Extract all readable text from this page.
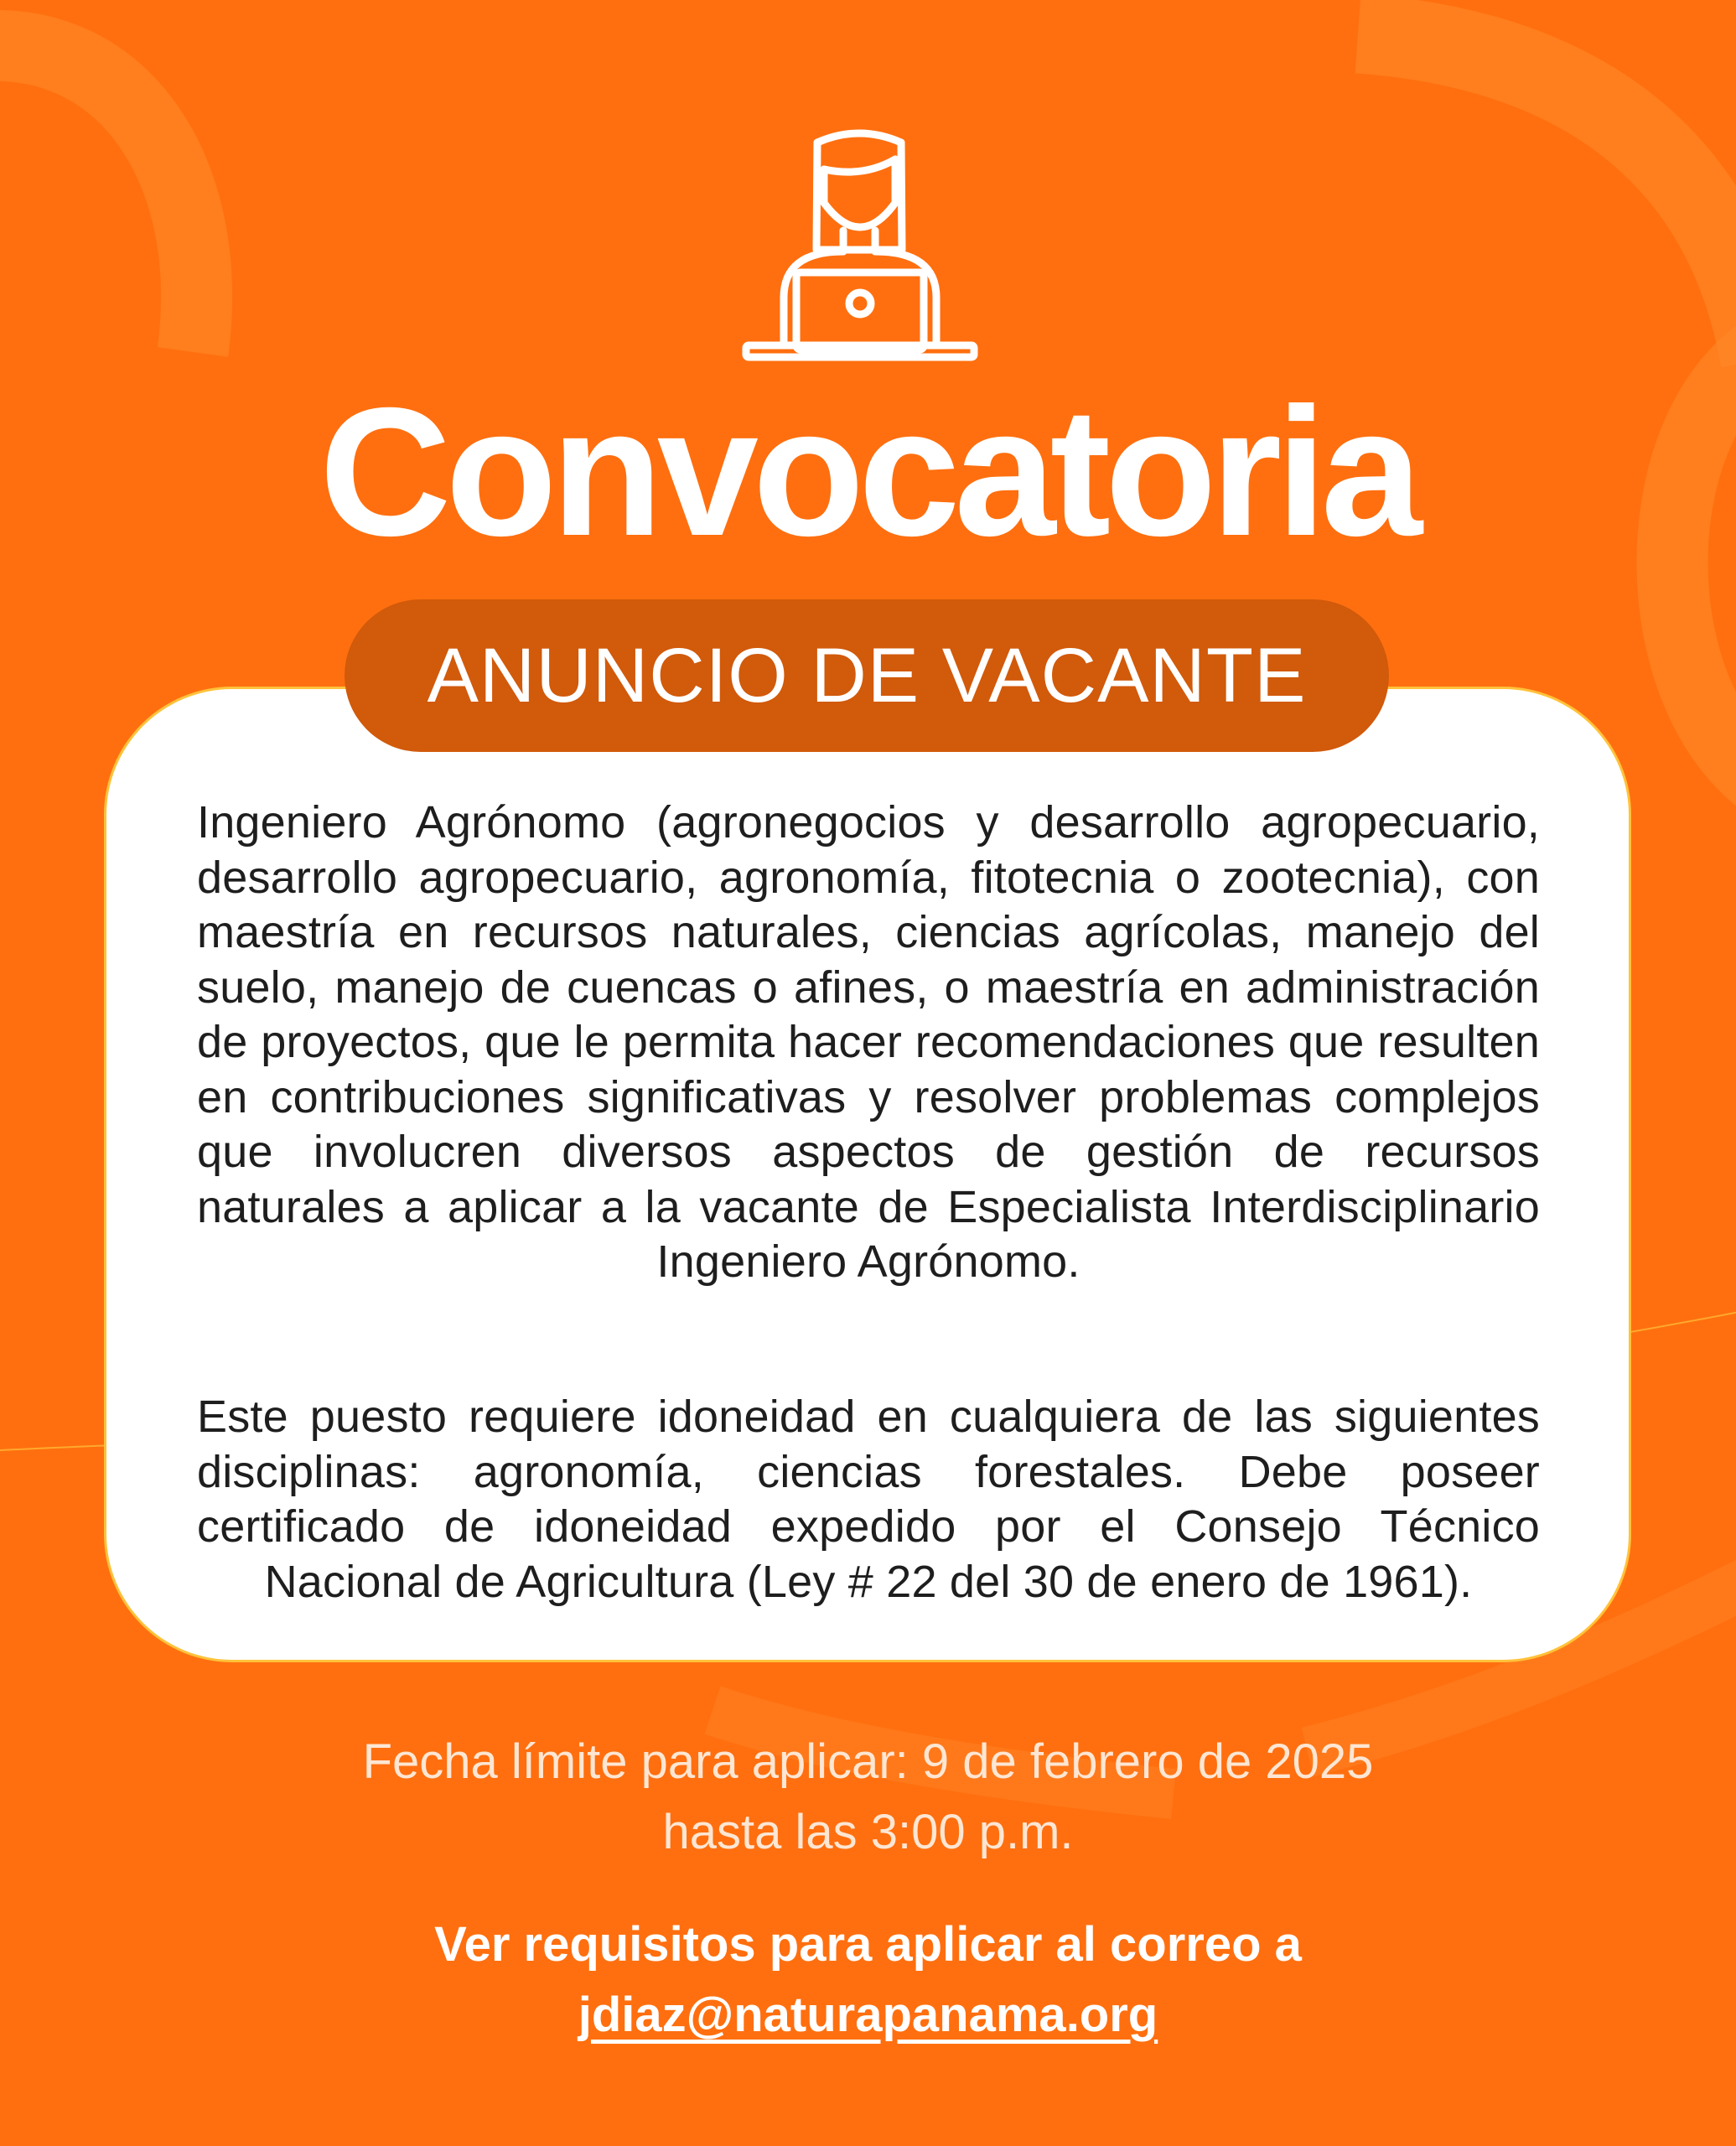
Convocatoria
ANUNCIO DE VACANTE
Ingeniero Agrónomo (agronegocios y desarrollo agropecuario, desarrollo agropecuario, agronomía, fitotecnia o zootecnia), con maestría en recursos naturales, ciencias agrícolas, manejo del suelo, manejo de cuencas o afines, o maestría en administración de proyectos, que le permita hacer recomendaciones que resulten en contribuciones significativas y resolver problemas complejos que involucren diversos aspectos de gestión de recursos naturales a aplicar a la vacante de Especialista Interdisciplinario Ingeniero Agrónomo.
Este puesto requiere idoneidad en cualquiera de las siguientes disciplinas: agronomía, ciencias forestales. Debe poseer certificado de idoneidad expedido por el Consejo Técnico Nacional de Agricultura (Ley # 22 del 30 de enero de 1961).
Fecha límite para aplicar: 9 de febrero de 2025
hasta las 3:00 p.m.
Ver requisitos para aplicar al correo a
jdiaz@naturapanama.org
